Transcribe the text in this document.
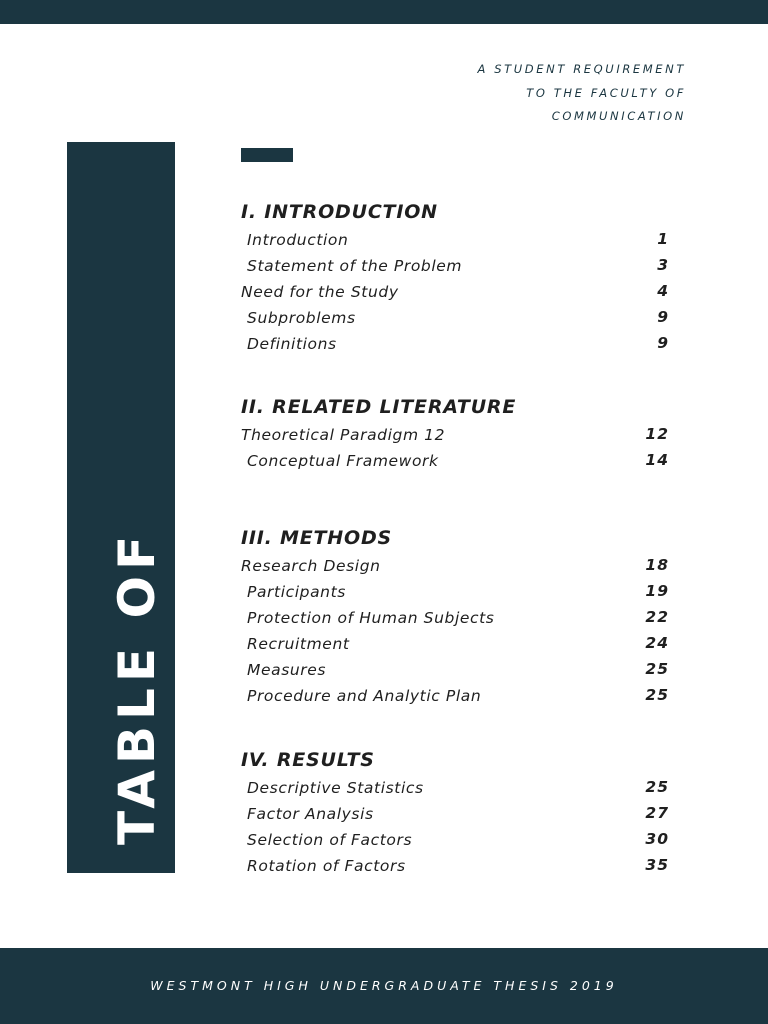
A STUDENT REQUIREMENT
TO THE FACULTY OF
COMMUNICATION
TABLE OF
I. INTRODUCTION
Introduction	1
Statement of the Problem	3
Need for the Study	4
Subproblems	9
Definitions	9
II. RELATED LITERATURE
Theoretical Paradigm 12	12
Conceptual Framework	14
III. METHODS
Research Design	18
Participants	19
Protection of Human Subjects	22
Recruitment	24
Measures	25
Procedure and Analytic Plan	25
IV. RESULTS
Descriptive Statistics	25
Factor Analysis	27
Selection of Factors	30
Rotation of Factors	35
WESTMONT HIGH UNDERGRADUATE THESIS 2019
